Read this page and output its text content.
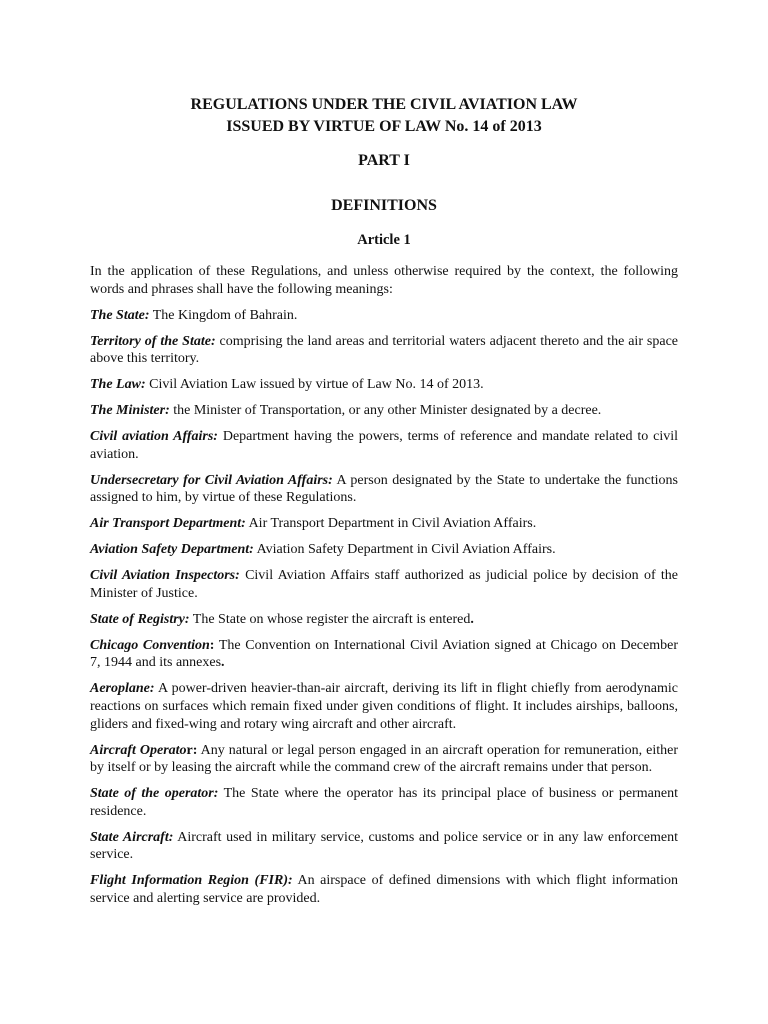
REGULATIONS UNDER THE CIVIL AVIATION LAW
ISSUED BY VIRTUE OF LAW No. 14 of 2013
PART I
DEFINITIONS
Article 1

In the application of these Regulations, and unless otherwise required by the context, the following words and phrases shall have the following meanings:

The State: The Kingdom of Bahrain.

Territory of the State: comprising the land areas and territorial waters adjacent thereto and the air space above this territory.

The Law: Civil Aviation Law issued by virtue of Law No. 14 of 2013.

The Minister: the Minister of Transportation, or any other Minister designated by a decree.

Civil aviation Affairs: Department having the powers, terms of reference and mandate related to civil aviation.

Undersecretary for Civil Aviation Affairs: A person designated by the State to undertake the functions assigned to him, by virtue of these Regulations.

Air Transport Department: Air Transport Department in Civil Aviation Affairs.

Aviation Safety Department: Aviation Safety Department in Civil Aviation Affairs.

Civil Aviation Inspectors: Civil Aviation Affairs staff authorized as judicial police by decision of the Minister of Justice.

State of Registry: The State on whose register the aircraft is entered.

Chicago Convention: The Convention on International Civil Aviation signed at Chicago on December 7, 1944 and its annexes.

Aeroplane: A power-driven heavier-than-air aircraft, deriving its lift in flight chiefly from aerodynamic reactions on surfaces which remain fixed under given conditions of flight. It includes airships, balloons, gliders and fixed-wing and rotary wing aircraft and other aircraft.

Aircraft Operator: Any natural or legal person engaged in an aircraft operation for remuneration, either by itself or by leasing the aircraft while the command crew of the aircraft remains under that person.

State of the operator: The State where the operator has its principal place of business or permanent residence.

State Aircraft: Aircraft used in military service, customs and police service or in any law enforcement service.

Flight Information Region (FIR): An airspace of defined dimensions with which flight information service and alerting service are provided.
